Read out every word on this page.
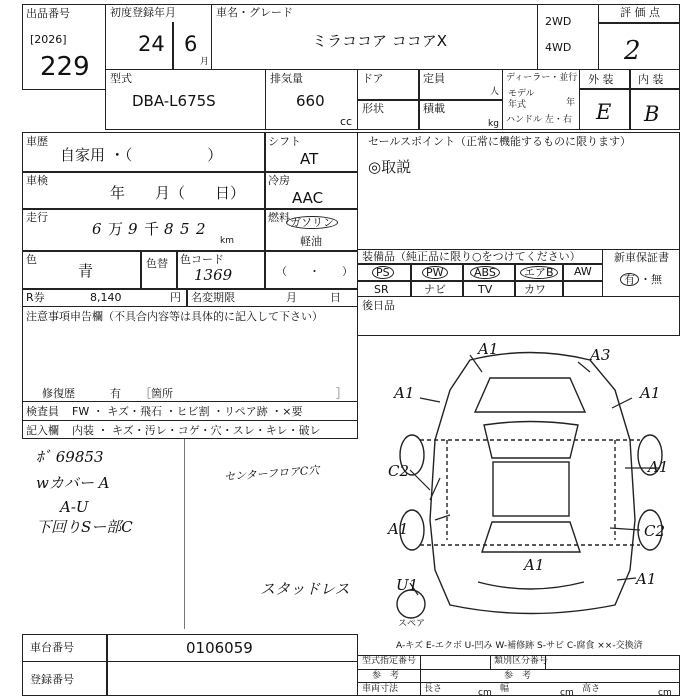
出品番号
[2026]
229
初度登録年月
24 6
月
車名・グレード
ミラココア ココアX
2WD
4WD
評 価 点
2
型式
DBA-L675S
排気量
660
cc
ドア	定員
人
形状	積載
kg
ディーラー・並行
モデル
年式	年
ハンドル 左・右
外 装 内 装
E B
車歴
自家用 ・（　　　　　）
シフト
AT
車検
年　　月（　　日）
冷房
AAC
走行
6 万 9 千 8 5 2
km
燃料 ガソリン
軽油
（　　・　　）
色
青	色替 色コード
1369
R券	8,140	円 名変期限	月　　　日
セールスポイント（正常に機能するものに限ります）
◎取説
装備品（純正品に限り○をつけてください）
PS	PW	ABS	エアB	AW
SR	ナビ	TV	カワ
新車保証書
有 ・無
後日品
注意事項申告欄（不具合内容等は具体的に記入して下さい）
修復歴	有 ［箇所	］
検査員 FW ・ キズ・飛石 ・ヒビ割 ・リペア跡 ・×要
記入欄 内装 ・ キズ・汚レ・コゲ・穴・スレ・キレ・破レ
ﾎﾞ 69853
wカバー A
A-U
下回りSー部C
センターフロアC穴
スタッドレス
A1	A3
A1	A1
C2	A1
A1	C2
A1
U1	A1
スペア
車台番号	0106059
登録番号
A-キズ E-エクボ U-凹み W-補修跡 S-サビ C-腐食 ××-交換済
型式指定番号
参　考
類別区分番号
参　考
車両寸法	長さ	cm 幅	cm 高さ	cm
